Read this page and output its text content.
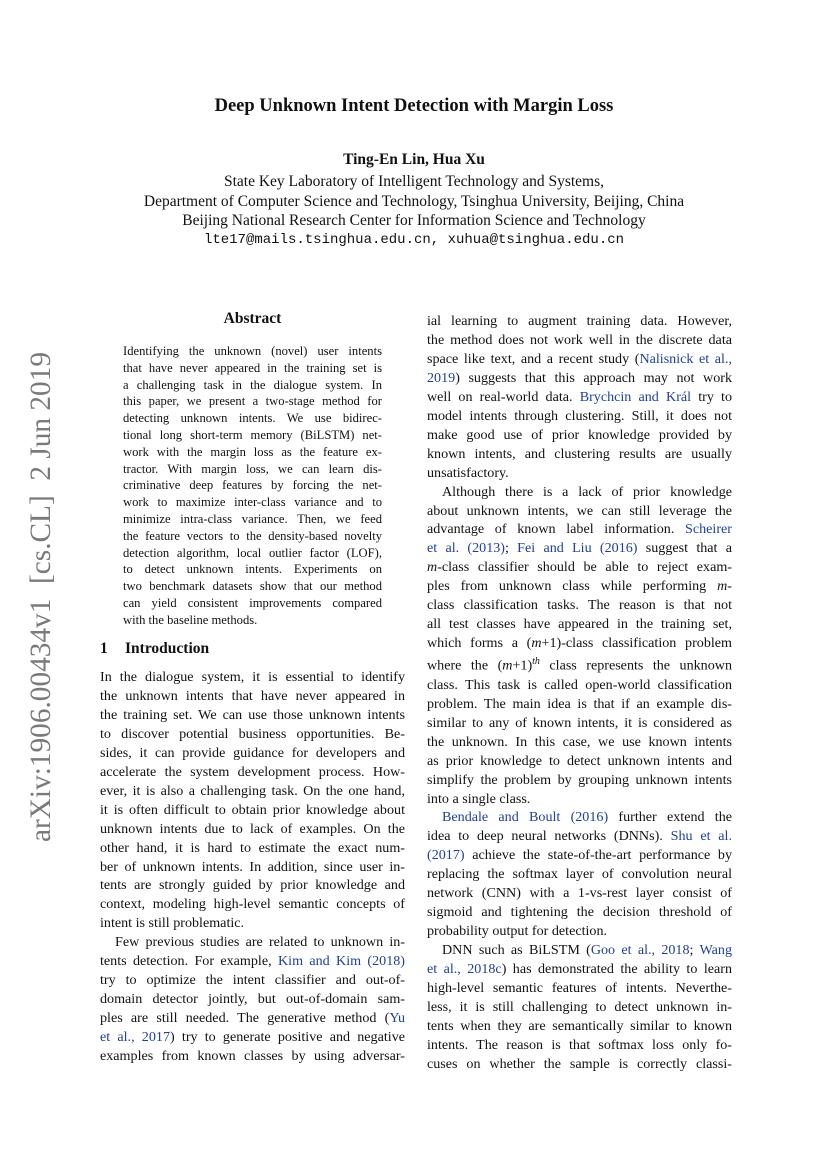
Deep Unknown Intent Detection with Margin Loss
Ting-En Lin, Hua Xu
State Key Laboratory of Intelligent Technology and Systems,
Department of Computer Science and Technology, Tsinghua University, Beijing, China
Beijing National Research Center for Information Science and Technology
lte17@mails.tsinghua.edu.cn, xuhua@tsinghua.edu.cn
arXiv:1906.00434v1  [cs.CL]  2 Jun 2019
Abstract
Identifying the unknown (novel) user intents
that have never appeared in the training set is
a challenging task in the dialogue system. In
this paper, we present a two-stage method for
detecting unknown intents. We use bidirec-
tional long short-term memory (BiLSTM) net-
work with the margin loss as the feature ex-
tractor. With margin loss, we can learn dis-
criminative deep features by forcing the net-
work to maximize inter-class variance and to
minimize intra-class variance. Then, we feed
the feature vectors to the density-based novelty
detection algorithm, local outlier factor (LOF),
to detect unknown intents. Experiments on
two benchmark datasets show that our method
can yield consistent improvements compared
with the baseline methods.
1 Introduction
In the dialogue system, it is essential to identify
the unknown intents that have never appeared in
the training set. We can use those unknown intents
to discover potential business opportunities. Be-
sides, it can provide guidance for developers and
accelerate the system development process. How-
ever, it is also a challenging task. On the one hand,
it is often difficult to obtain prior knowledge about
unknown intents due to lack of examples. On the
other hand, it is hard to estimate the exact num-
ber of unknown intents. In addition, since user in-
tents are strongly guided by prior knowledge and
context, modeling high-level semantic concepts of
intent is still problematic.
Few previous studies are related to unknown in-
tents detection. For example, Kim and Kim (2018)
try to optimize the intent classifier and out-of-
domain detector jointly, but out-of-domain sam-
ples are still needed. The generative method (Yu
et al., 2017) try to generate positive and negative
examples from known classes by using adversar-
ial learning to augment training data. However,
the method does not work well in the discrete data
space like text, and a recent study (Nalisnick et al.,
2019) suggests that this approach may not work
well on real-world data. Brychcin and Král try to
model intents through clustering. Still, it does not
make good use of prior knowledge provided by
known intents, and clustering results are usually
unsatisfactory.
Although there is a lack of prior knowledge
about unknown intents, we can still leverage the
advantage of known label information. Scheirer
et al. (2013); Fei and Liu (2016) suggest that a
m-class classifier should be able to reject exam-
ples from unknown class while performing m-
class classification tasks. The reason is that not
all test classes have appeared in the training set,
which forms a (m+1)-class classification problem
where the $(m+1)^{th}$ class represents the unknown
class. This task is called open-world classification
problem. The main idea is that if an example dis-
similar to any of known intents, it is considered as
the unknown. In this case, we use known intents
as prior knowledge to detect unknown intents and
simplify the problem by grouping unknown intents
into a single class.
Bendale and Boult (2016) further extend the
idea to deep neural networks (DNNs). Shu et al.
(2017) achieve the state-of-the-art performance by
replacing the softmax layer of convolution neural
network (CNN) with a 1-vs-rest layer consist of
sigmoid and tightening the decision threshold of
probability output for detection.
DNN such as BiLSTM (Goo et al., 2018; Wang
et al., 2018c) has demonstrated the ability to learn
high-level semantic features of intents. Neverthe-
less, it is still challenging to detect unknown in-
tents when they are semantically similar to known
intents. The reason is that softmax loss only fo-
cuses on whether the sample is correctly classi-
